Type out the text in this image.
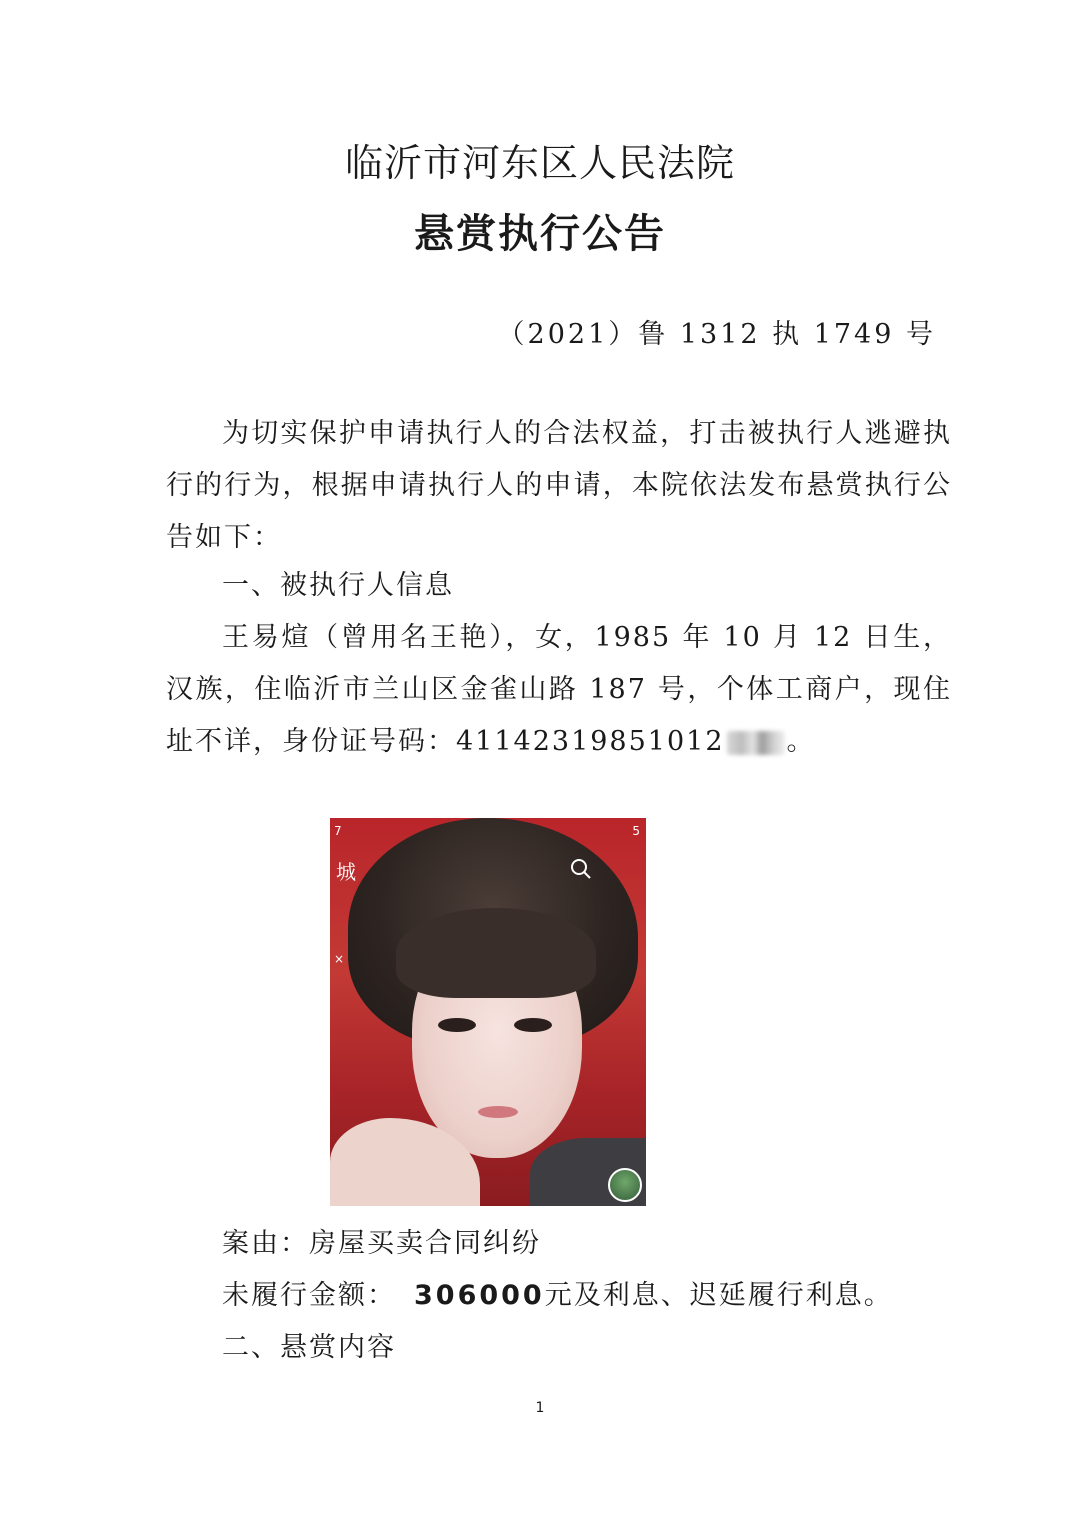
临沂市河东区人民法院
悬赏执行公告
（2021）鲁 1312 执 1749 号
为切实保护申请执行人的合法权益，打击被执行人逃避执行的行为，根据申请执行人的申请，本院依法发布悬赏执行公告如下：
一、被执行人信息
王易煊（曾用名王艳），女，1985 年 10 月 12 日生，汉族，住临沂市兰山区金雀山路 187 号，个体工商户，现住址不详，身份证号码：41142319851012 。
7	5
城
×
案由：房屋买卖合同纠纷
未履行金额： 306000元及利息、迟延履行利息。
二、悬赏内容
1
